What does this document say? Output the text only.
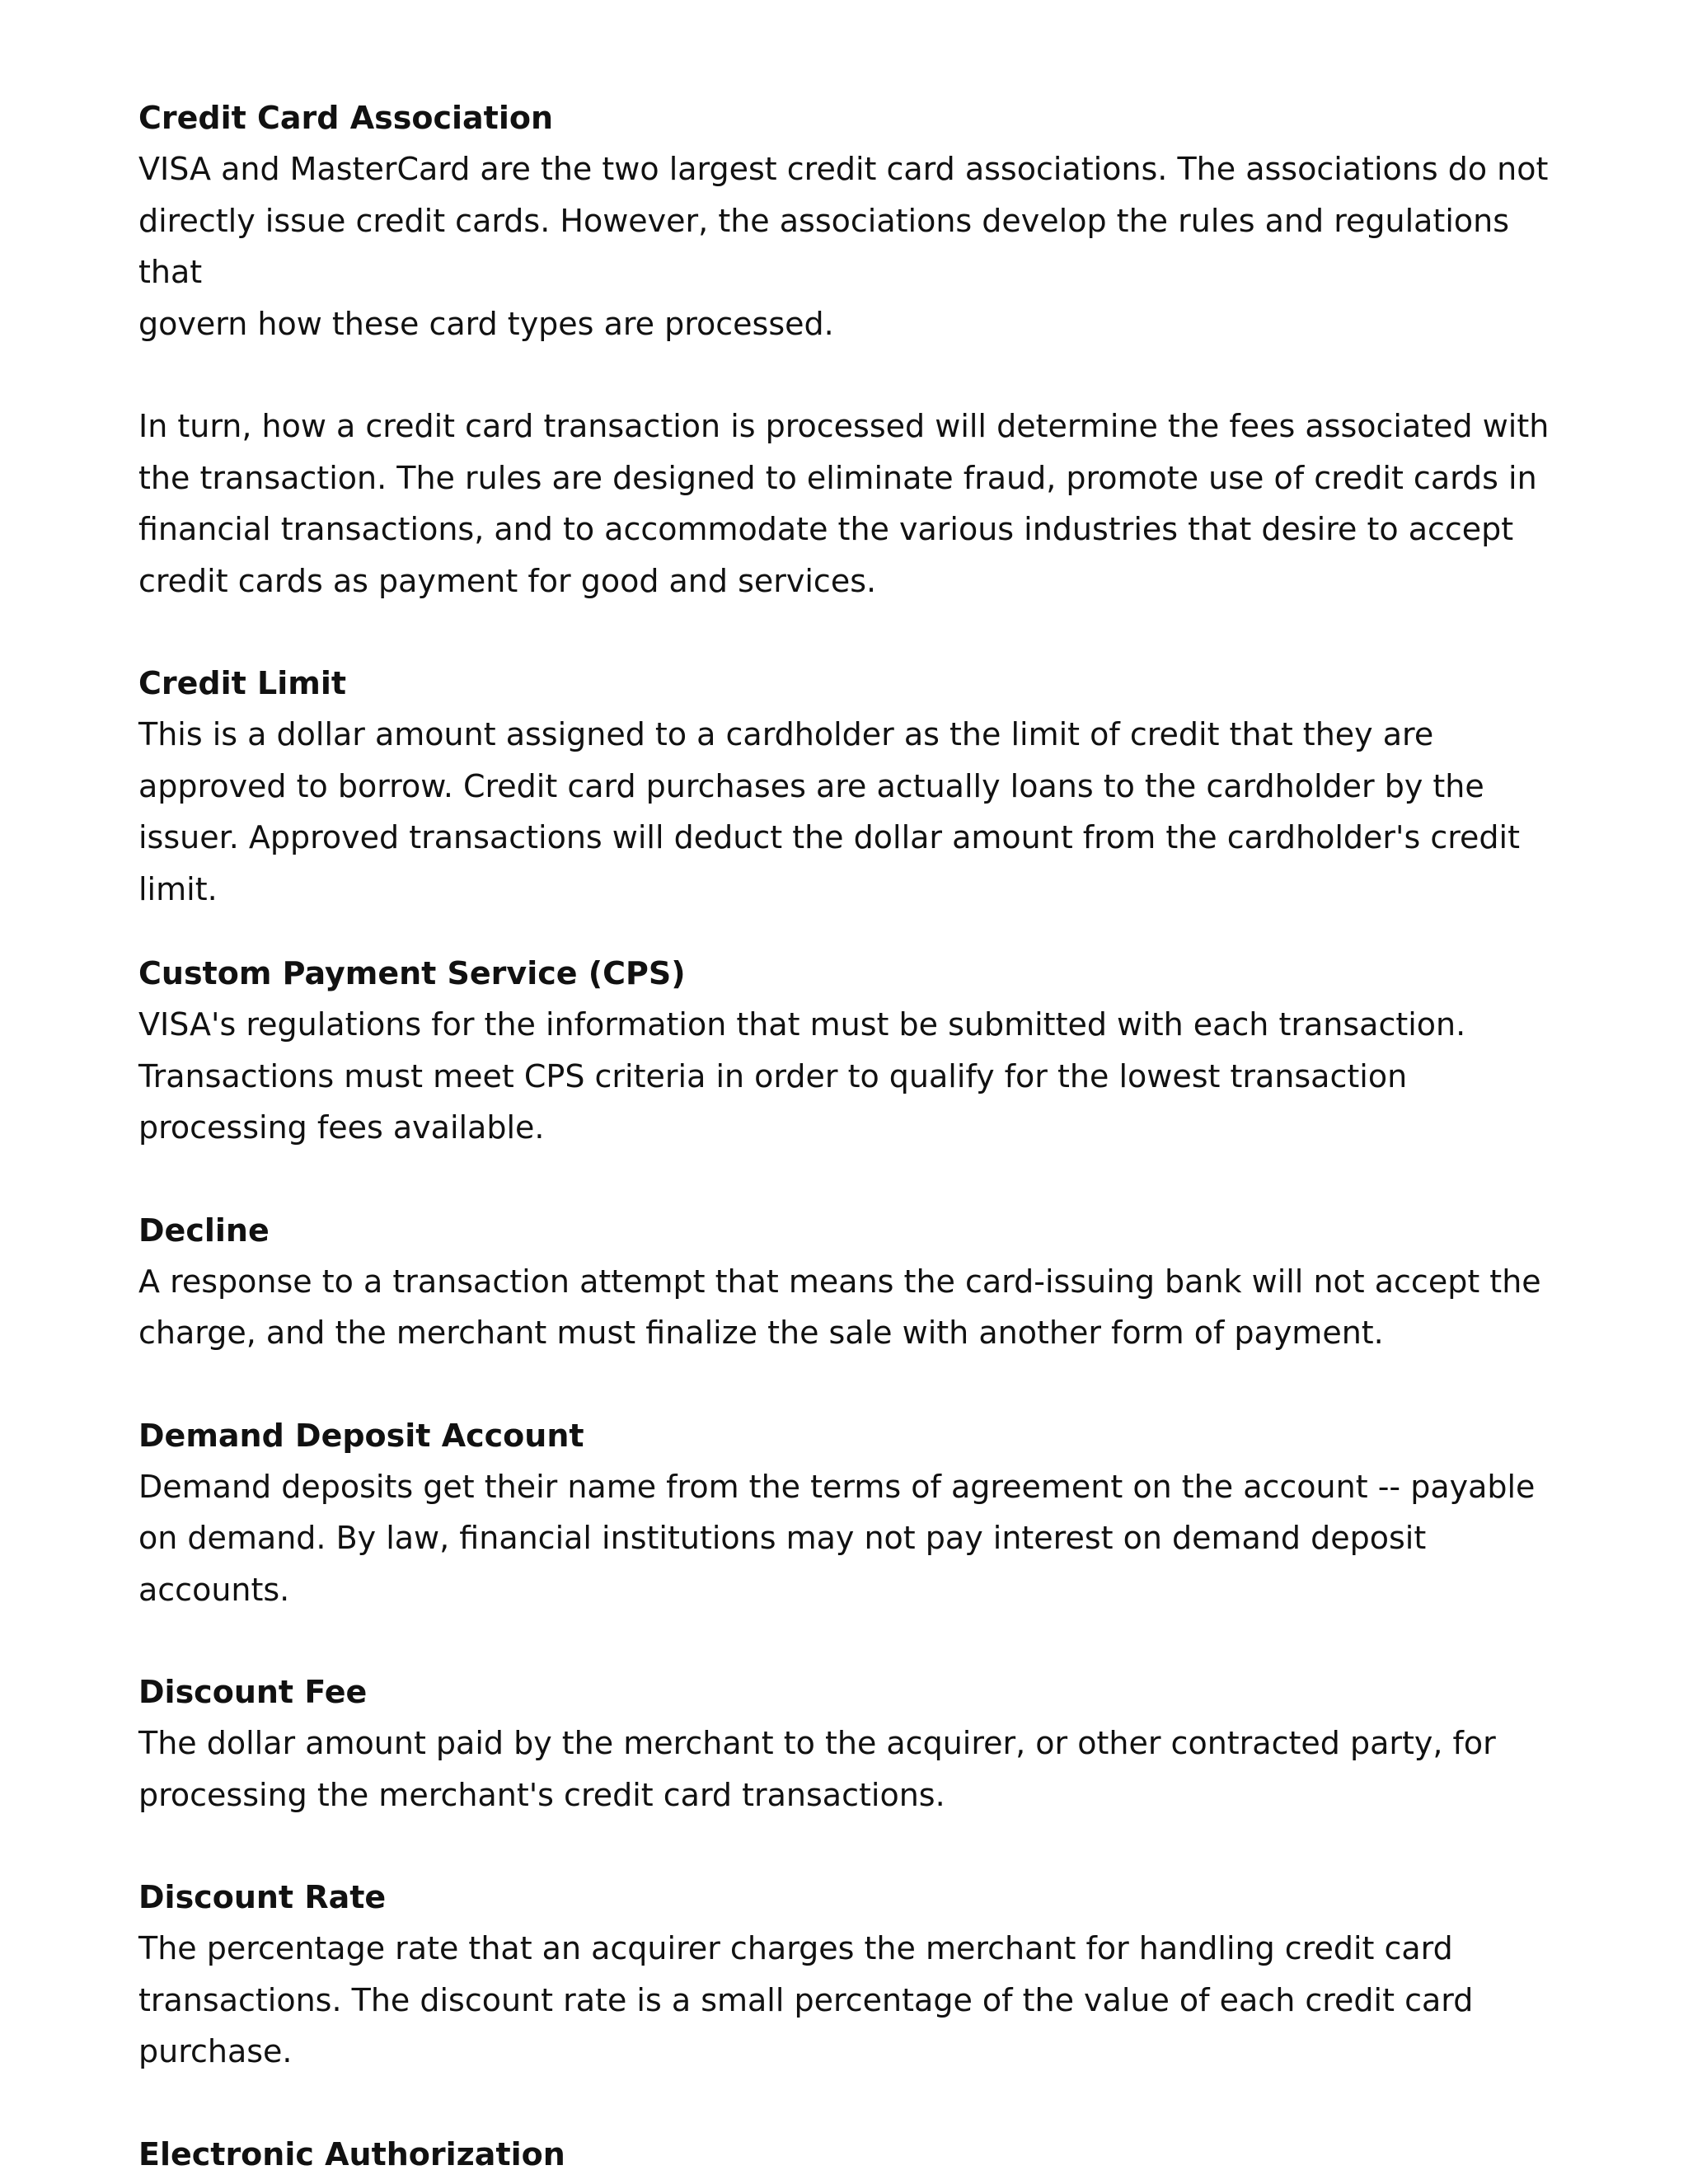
Credit Card Association

VISA and MasterCard are the two largest credit card associations. The associations do not
directly issue credit cards. However, the associations develop the rules and regulations that
govern how these card types are processed.

In turn, how a credit card transaction is processed will determine the fees associated with
the transaction. The rules are designed to eliminate fraud, promote use of credit cards in
financial transactions, and to accommodate the various industries that desire to accept
credit cards as payment for good and services.

Credit Limit

This is a dollar amount assigned to a cardholder as the limit of credit that they are
approved to borrow. Credit card purchases are actually loans to the cardholder by the
issuer. Approved transactions will deduct the dollar amount from the cardholder's credit
limit.

Custom Payment Service (CPS)

VISA's regulations for the information that must be submitted with each transaction.
Transactions must meet CPS criteria in order to qualify for the lowest transaction
processing fees available.

Decline

A response to a transaction attempt that means the card-issuing bank will not accept the
charge, and the merchant must finalize the sale with another form of payment.

Demand Deposit Account

Demand deposits get their name from the terms of agreement on the account -- payable
on demand. By law, financial institutions may not pay interest on demand deposit accounts.

Discount Fee

The dollar amount paid by the merchant to the acquirer, or other contracted party, for
processing the merchant's credit card transactions.

Discount Rate

The percentage rate that an acquirer charges the merchant for handling credit card
transactions. The discount rate is a small percentage of the value of each credit card
purchase.

Electronic Authorization
